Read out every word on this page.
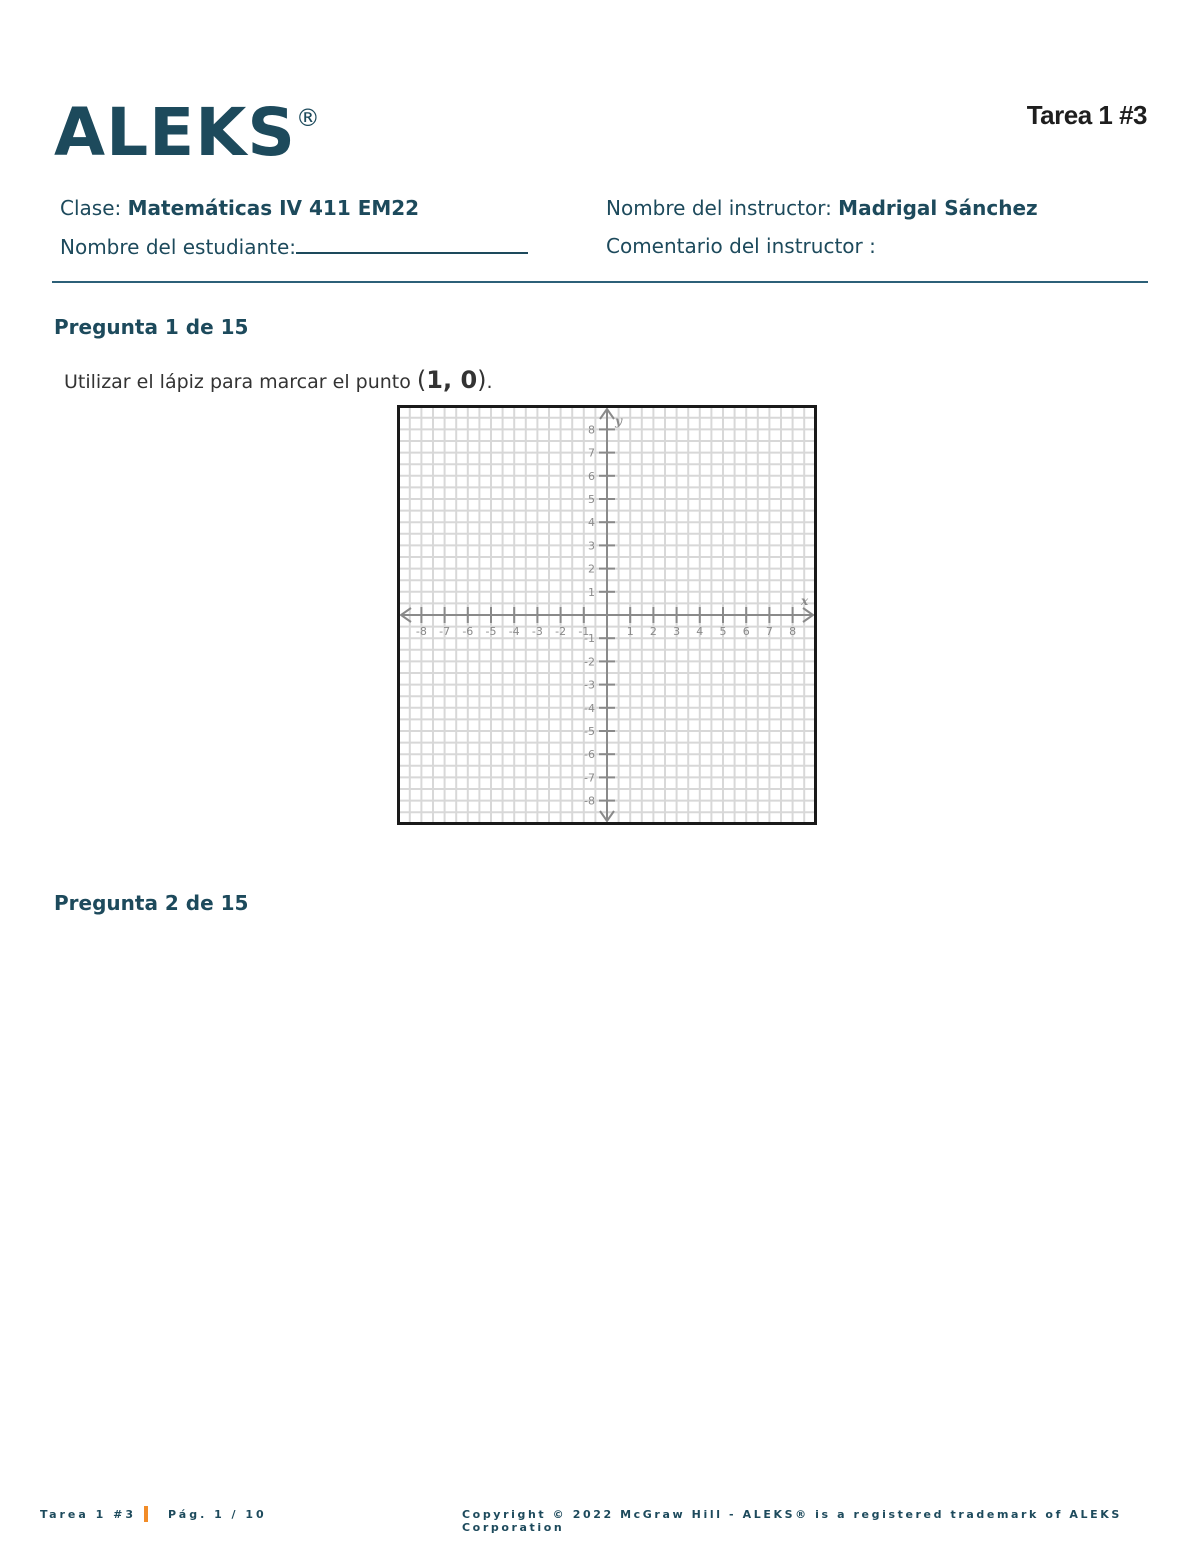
ALEKS®	Tarea 1 #3
Clase: Matemáticas IV 411 EM22	Nombre del instructor: Madrigal Sánchez
Nombre del estudiante:	Comentario del instructor :
Pregunta 1 de 15
Utilizar el lápiz para marcar el punto (1, 0).
-8 -7 -6 -5 -4 -3 -2 -1	1 2 3 4 5 6 7 8
-8
-7
-6
-5
-4
-3
-2
-1
1
2
3
4
5
6
7
8
x
y
Pregunta 2 de 15
Tarea 1 #3	Pág. 1 / 10	Copyright © 2022 McGraw Hill - ALEKS® is a registered trademark of ALEKS Corporation
